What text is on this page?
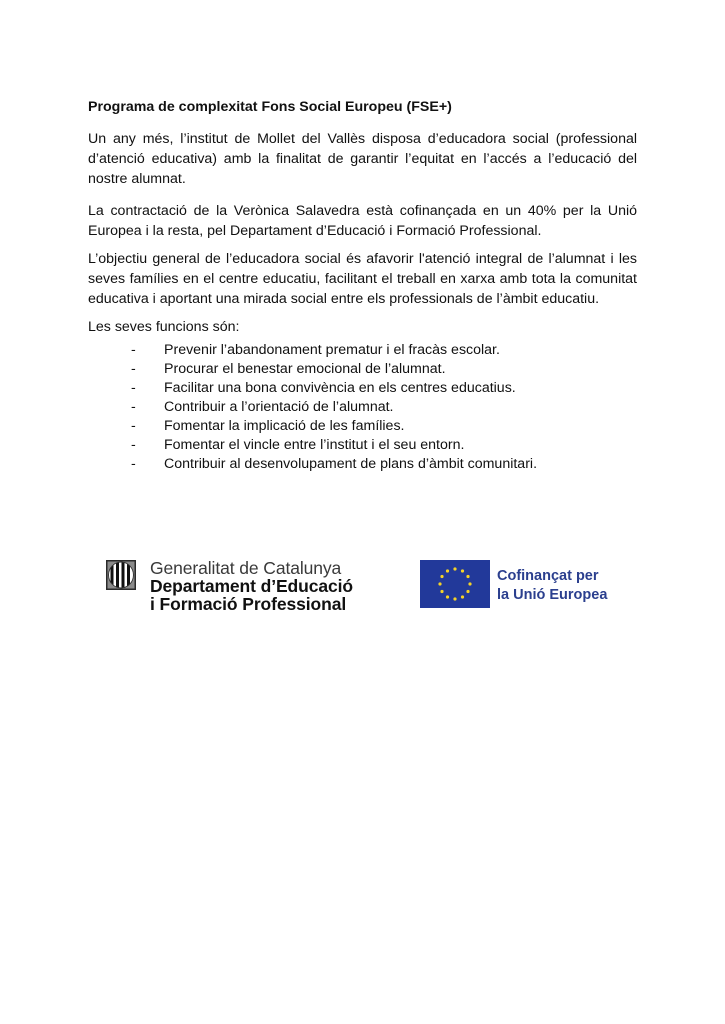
Programa de complexitat Fons Social Europeu (FSE+)

Un any més, l’institut de Mollet del Vallès disposa d’educadora social (professional d’atenció educativa) amb la finalitat de garantir l’equitat en l’accés a l’educació del nostre alumnat.

La contractació de la Verònica Salavedra està cofinançada en un 40% per la Unió Europea i la resta, pel Departament d’Educació i Formació Professional.

L’objectiu general de l’educadora social és afavorir l'atenció integral de l’alumnat i les seves famílies en el centre educatiu, facilitant el treball en xarxa amb tota la comunitat educativa i aportant una mirada social entre els professionals de l’àmbit educatiu.

Les seves funcions són:

- Prevenir l’abandonament prematur i el fracàs escolar.
- Procurar el benestar emocional de l’alumnat.
- Facilitar una bona convivència en els centres educatius.
- Contribuir a l’orientació de l’alumnat.
- Fomentar la implicació de les famílies.
- Fomentar el vincle entre l’institut i el seu entorn.
- Contribuir al desenvolupament de plans d’àmbit comunitari.
Generalitat de Catalunya
Departament d’Educació
i Formació Professional
Cofinançat per
la Unió Europea
